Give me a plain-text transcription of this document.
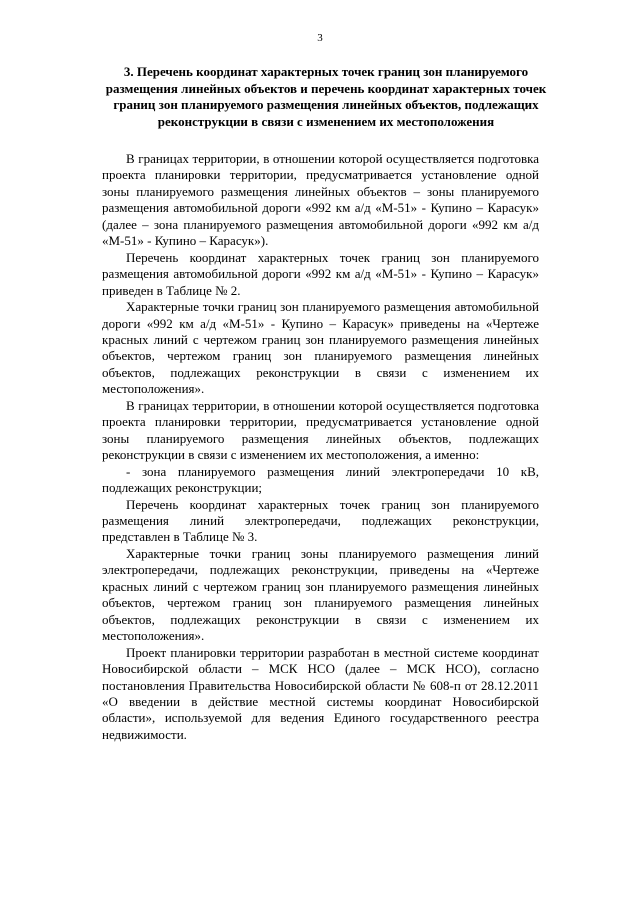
3
3. Перечень координат характерных точек границ зон планируемого размещения линейных объектов и перечень координат характерных точек границ зон планируемого размещения линейных объектов, подлежащих реконструкции в связи с изменением их местоположения

В границах территории, в отношении которой осуществляется подготовка проекта планировки территории, предусматривается установление одной зоны планируемого размещения линейных объектов – зоны планируемого размещения автомобильной дороги «992 км а/д «М-51» - Купино – Карасук» (далее – зона планируемого размещения автомобильной дороги «992 км а/д «М-51» - Купино – Карасук»).

Перечень координат характерных точек границ зон планируемого размещения автомобильной дороги «992 км а/д «М-51» - Купино – Карасук» приведен в Таблице № 2.

Характерные точки границ зон планируемого размещения автомобильной дороги «992 км а/д «М-51» - Купино – Карасук» приведены на «Чертеже красных линий с чертежом границ зон планируемого размещения линейных объектов, чертежом границ зон планируемого размещения линейных объектов, подлежащих реконструкции в связи с изменением их местоположения».

В границах территории, в отношении которой осуществляется подготовка проекта планировки территории, предусматривается установление одной зоны планируемого размещения линейных объектов, подлежащих реконструкции в связи с изменением их местоположения, а именно:

- зона планируемого размещения линий электропередачи 10 кВ, подлежащих реконструкции;

Перечень координат характерных точек границ зон планируемого размещения линий электропередачи, подлежащих реконструкции, представлен в Таблице № 3.

Характерные точки границ зоны планируемого размещения линий электропередачи, подлежащих реконструкции, приведены на «Чертеже красных линий с чертежом границ зон планируемого размещения линейных объектов, чертежом границ зон планируемого размещения линейных объектов, подлежащих реконструкции в связи с изменением их местоположения».

Проект планировки территории разработан в местной системе координат Новосибирской области – МСК НСО (далее – МСК НСО), согласно постановления Правительства Новосибирской области № 608-п от 28.12.2011 «О введении в действие местной системы координат Новосибирской области», используемой для ведения Единого государственного реестра недвижимости.
